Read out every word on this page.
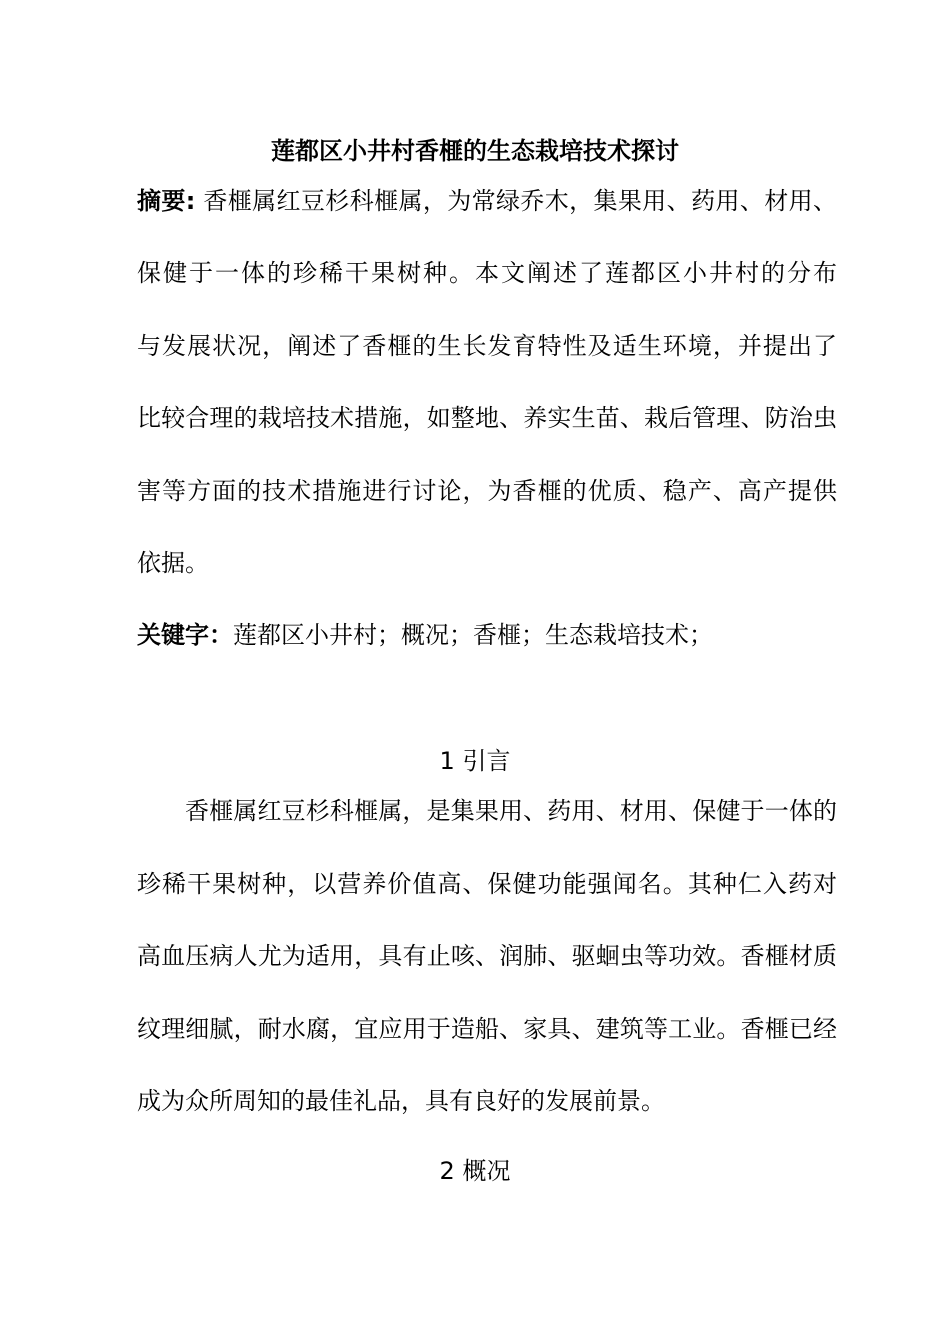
莲都区小井村香榧的生态栽培技术探讨
摘要: 香榧属红豆杉科榧属，为常绿乔木，集果用、药用、材用、
保健于一体的珍稀干果树种。本文阐述了莲都区小井村的分布
与发展状况，阐述了香榧的生长发育特性及适生环境，并提出了
比较合理的栽培技术措施，如整地、养实生苗、栽后管理、防治虫
害等方面的技术措施进行讨论，为香榧的优质、稳产、高产提供
依据。
关键字：莲都区小井村；概况；香榧；生态栽培技术；
1 引言
香榧属红豆杉科榧属，是集果用、药用、材用、保健于一体的
珍稀干果树种，以营养价值高、保健功能强闻名。其种仁入药对
高血压病人尤为适用，具有止咳、润肺、驱蛔虫等功效。香榧材质
纹理细腻，耐水腐，宜应用于造船、家具、建筑等工业。香榧已经
成为众所周知的最佳礼品，具有良好的发展前景。
2 概况
